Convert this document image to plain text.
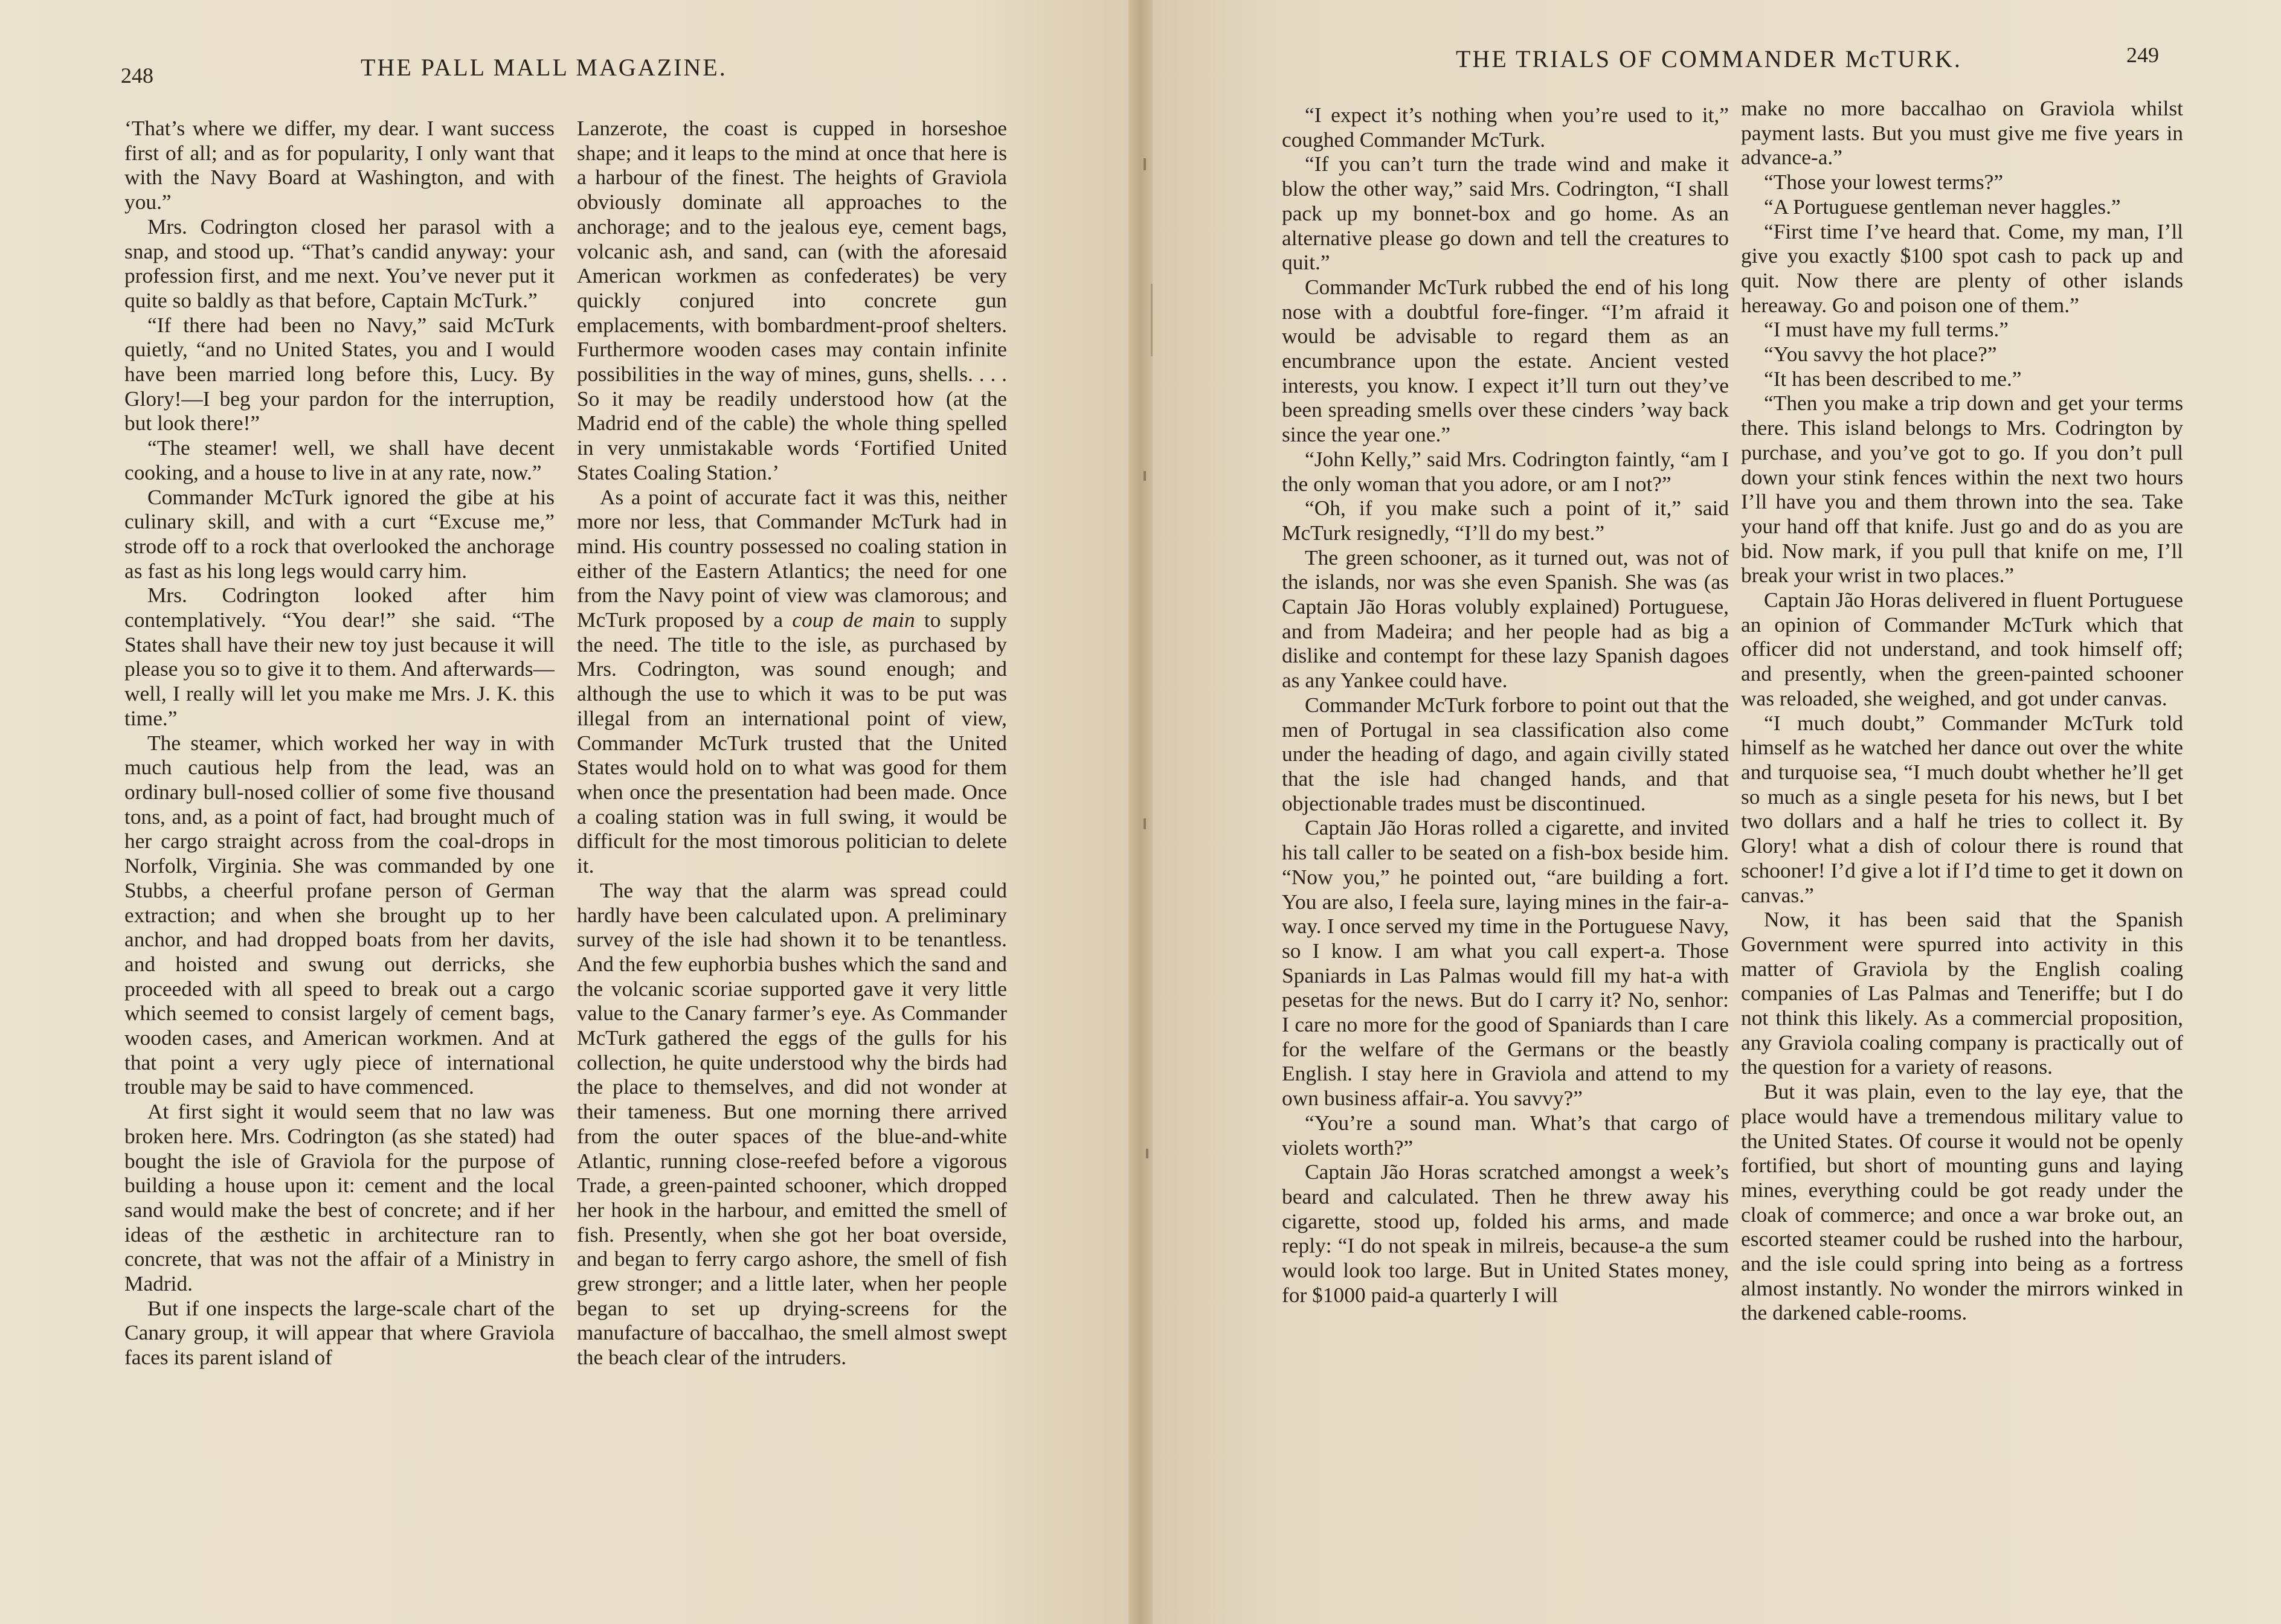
248	THE PALL MALL MAGAZINE.

‘That’s where we differ, my dear. I want success first of all; and as for popularity, I only want that with the Navy Board at Washington, and with you.”

Mrs. Codrington closed her parasol with a snap, and stood up. “That’s candid anyway: your profession first, and me next. You’ve never put it quite so baldly as that before, Captain McTurk.”

“If there had been no Navy,” said McTurk quietly, “and no United States, you and I would have been married long before this, Lucy. By Glory!—I beg your pardon for the interruption, but look there!”

“The steamer! well, we shall have decent cooking, and a house to live in at any rate, now.”

Commander McTurk ignored the gibe at his culinary skill, and with a curt “Excuse me,” strode off to a rock that overlooked the anchorage as fast as his long legs would carry him.

Mrs. Codrington looked after him contemplatively. “You dear!” she said. “The States shall have their new toy just because it will please you so to give it to them. And afterwards—well, I really will let you make me Mrs. J. K. this time.”

The steamer, which worked her way in with much cautious help from the lead, was an ordinary bull-nosed collier of some five thousand tons, and, as a point of fact, had brought much of her cargo straight across from the coal-drops in Norfolk, Virginia. She was commanded by one Stubbs, a cheerful profane person of German extraction; and when she brought up to her anchor, and had dropped boats from her davits, and hoisted and swung out derricks, she proceeded with all speed to break out a cargo which seemed to consist largely of cement bags, wooden cases, and American workmen. And at that point a very ugly piece of international trouble may be said to have commenced.

At first sight it would seem that no law was broken here. Mrs. Codrington (as she stated) had bought the isle of Graviola for the purpose of building a house upon it: cement and the local sand would make the best of concrete; and if her ideas of the æsthetic in architecture ran to concrete, that was not the affair of a Ministry in Madrid.

But if one inspects the large-scale chart of the Canary group, it will appear that where Graviola faces its parent island of

Lanzerote, the coast is cupped in horseshoe shape; and it leaps to the mind at once that here is a harbour of the finest. The heights of Graviola obviously dominate all approaches to the anchorage; and to the jealous eye, cement bags, volcanic ash, and sand, can (with the aforesaid American workmen as confederates) be very quickly conjured into concrete gun emplacements, with bombardment-proof shelters. Furthermore wooden cases may contain infinite possibilities in the way of mines, guns, shells. . . . So it may be readily understood how (at the Madrid end of the cable) the whole thing spelled in very unmistakable words ‘Fortified United States Coaling Station.’

As a point of accurate fact it was this, neither more nor less, that Commander McTurk had in mind. His country possessed no coaling station in either of the Eastern Atlantics; the need for one from the Navy point of view was clamorous; and McTurk proposed by a coup de main to supply the need. The title to the isle, as purchased by Mrs. Codrington, was sound enough; and although the use to which it was to be put was illegal from an international point of view, Commander McTurk trusted that the United States would hold on to what was good for them when once the presentation had been made. Once a coaling station was in full swing, it would be difficult for the most timorous politician to delete it.

The way that the alarm was spread could hardly have been calculated upon. A preliminary survey of the isle had shown it to be tenantless. And the few euphorbia bushes which the sand and the volcanic scoriae supported gave it very little value to the Canary farmer’s eye. As Commander McTurk gathered the eggs of the gulls for his collection, he quite understood why the birds had the place to themselves, and did not wonder at their tameness. But one morning there arrived from the outer spaces of the blue-and-white Atlantic, running close-reefed before a vigorous Trade, a green-painted schooner, which dropped her hook in the harbour, and emitted the smell of fish. Presently, when she got her boat overside, and began to ferry cargo ashore, the smell of fish grew stronger; and a little later, when her people began to set up drying-screens for the manufacture of baccalhao, the smell almost swept the beach clear of the intruders.

THE TRIALS OF COMMANDER McTURK.	249

“I expect it’s nothing when you’re used to it,” coughed Commander McTurk.

“If you can’t turn the trade wind and make it blow the other way,” said Mrs. Codrington, “I shall pack up my bonnet-box and go home. As an alternative please go down and tell the creatures to quit.”

Commander McTurk rubbed the end of his long nose with a doubtful fore-finger. “I’m afraid it would be advisable to regard them as an encumbrance upon the estate. Ancient vested interests, you know. I expect it’ll turn out they’ve been spreading smells over these cinders ’way back since the year one.”

“John Kelly,” said Mrs. Codrington faintly, “am I the only woman that you adore, or am I not?”

“Oh, if you make such a point of it,” said McTurk resignedly, “I’ll do my best.”

The green schooner, as it turned out, was not of the islands, nor was she even Spanish. She was (as Captain Jão Horas volubly explained) Portuguese, and from Madeira; and her people had as big a dislike and contempt for these lazy Spanish dagoes as any Yankee could have.

Commander McTurk forbore to point out that the men of Portugal in sea classification also come under the heading of dago, and again civilly stated that the isle had changed hands, and that objectionable trades must be discontinued.

Captain Jão Horas rolled a cigarette, and invited his tall caller to be seated on a fish-box beside him. “Now you,” he pointed out, “are building a fort. You are also, I feela sure, laying mines in the fair-a-way. I once served my time in the Portuguese Navy, so I know. I am what you call expert-a. Those Spaniards in Las Palmas would fill my hat-a with pesetas for the news. But do I carry it? No, senhor: I care no more for the good of Spaniards than I care for the welfare of the Germans or the beastly English. I stay here in Graviola and attend to my own business affair-a. You savvy?”

“You’re a sound man. What’s that cargo of violets worth?”

Captain Jão Horas scratched amongst a week’s beard and calculated. Then he threw away his cigarette, stood up, folded his arms, and made reply: “I do not speak in milreis, because-a the sum would look too large. But in United States money, for $1000 paid-a quarterly I will

make no more baccalhao on Graviola whilst payment lasts. But you must give me five years in advance-a.”

“Those your lowest terms?”

“A Portuguese gentleman never haggles.”

“First time I’ve heard that. Come, my man, I’ll give you exactly $100 spot cash to pack up and quit. Now there are plenty of other islands hereaway. Go and poison one of them.”

“I must have my full terms.”

“You savvy the hot place?”

“It has been described to me.”

“Then you make a trip down and get your terms there. This island belongs to Mrs. Codrington by purchase, and you’ve got to go. If you don’t pull down your stink fences within the next two hours I’ll have you and them thrown into the sea. Take your hand off that knife. Just go and do as you are bid. Now mark, if you pull that knife on me, I’ll break your wrist in two places.”

Captain Jão Horas delivered in fluent Portuguese an opinion of Commander McTurk which that officer did not understand, and took himself off; and presently, when the green-painted schooner was reloaded, she weighed, and got under canvas.

“I much doubt,” Commander McTurk told himself as he watched her dance out over the white and turquoise sea, “I much doubt whether he’ll get so much as a single peseta for his news, but I bet two dollars and a half he tries to collect it. By Glory! what a dish of colour there is round that schooner! I’d give a lot if I’d time to get it down on canvas.”

Now, it has been said that the Spanish Government were spurred into activity in this matter of Graviola by the English coaling companies of Las Palmas and Teneriffe; but I do not think this likely. As a commercial proposition, any Graviola coaling company is practically out of the question for a variety of reasons.

But it was plain, even to the lay eye, that the place would have a tremendous military value to the United States. Of course it would not be openly fortified, but short of mounting guns and laying mines, everything could be got ready under the cloak of commerce; and once a war broke out, an escorted steamer could be rushed into the harbour, and the isle could spring into being as a fortress almost instantly. No wonder the mirrors winked in the darkened cable-rooms.
